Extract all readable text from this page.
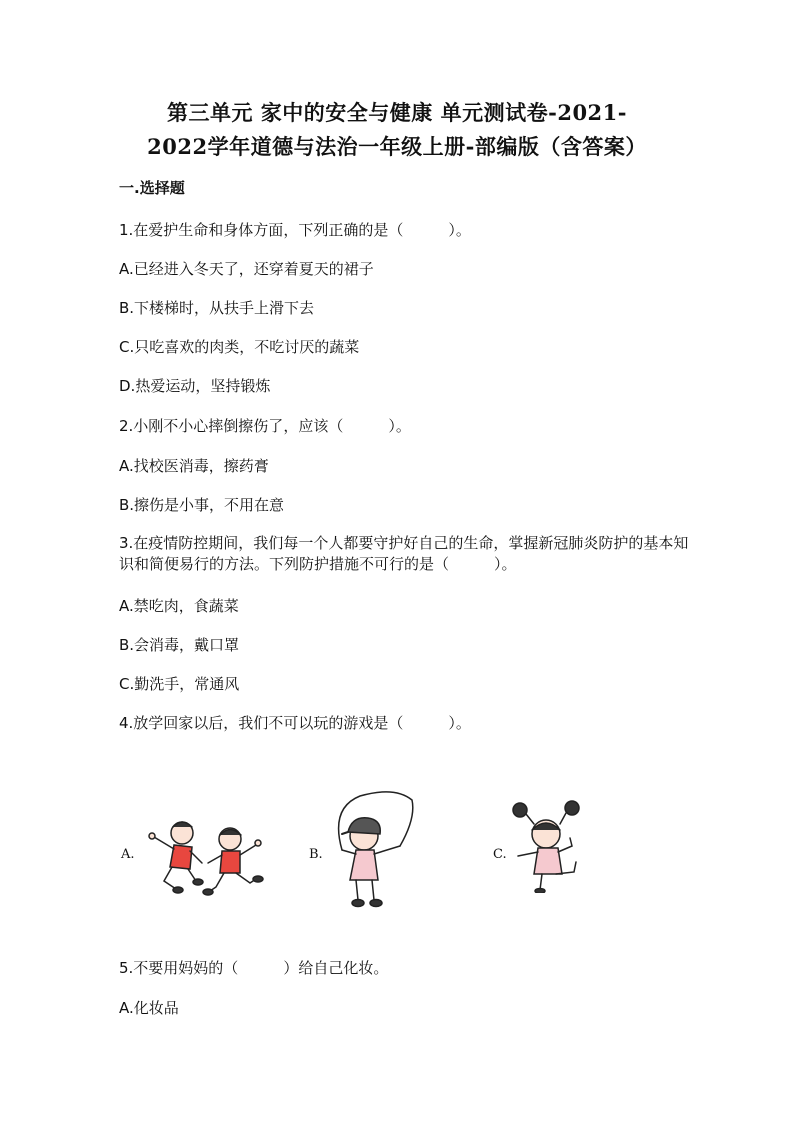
第三单元 家中的安全与健康 单元测试卷-2021-
2022学年道德与法治一年级上册-部编版（含答案）
一.选择题
1.在爱护生命和身体方面，下列正确的是（　　　）。
A.已经进入冬天了，还穿着夏天的裙子
B.下楼梯时，从扶手上滑下去
C.只吃喜欢的肉类，不吃讨厌的蔬菜
D.热爱运动，坚持锻炼
2.小刚不小心摔倒擦伤了，应该（　　　）。
A.找校医消毒，擦药膏
B.擦伤是小事，不用在意
3.在疫情防控期间，我们每一个人都要守护好自己的生命，掌握新冠肺炎防护的基本知识和简便易行的方法。下列防护措施不可行的是（　　　）。
A.禁吃肉，食蔬菜
B.会消毒，戴口罩
C.勤洗手，常通风
4.放学回家以后，我们不可以玩的游戏是（　　　）。
A.	B.	C.
5.不要用妈妈的（　　　）给自己化妆。
A.化妆品
